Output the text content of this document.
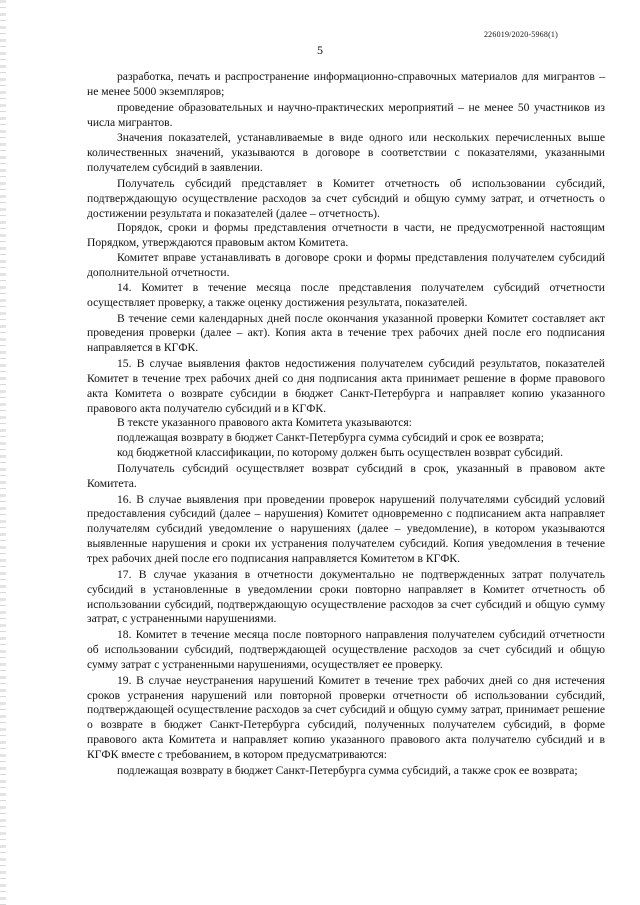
226019/2020-5968(1)
5

разработка, печать и распространение информационно-справочных материалов для мигрантов – не менее 5000 экземпляров;

проведение образовательных и научно-практических мероприятий – не менее 50 участников из числа мигрантов.

Значения показателей, устанавливаемые в виде одного или нескольких перечисленных выше количественных значений, указываются в договоре в соответствии с показателями, указанными получателем субсидий в заявлении.

Получатель субсидий представляет в Комитет отчетность об использовании субсидий, подтверждающую осуществление расходов за счет субсидий и общую сумму затрат, и отчетность о достижении результата и показателей (далее – отчетность).

Порядок, сроки и формы представления отчетности в части, не предусмотренной настоящим Порядком, утверждаются правовым актом Комитета.

Комитет вправе устанавливать в договоре сроки и формы представления получателем субсидий дополнительной отчетности.

14. Комитет в течение месяца после представления получателем субсидий отчетности осуществляет проверку, а также оценку достижения результата, показателей.

В течение семи календарных дней после окончания указанной проверки Комитет составляет акт проведения проверки (далее – акт). Копия акта в течение трех рабочих дней после его подписания направляется в КГФК.

15. В случае выявления фактов недостижения получателем субсидий результатов, показателей Комитет в течение трех рабочих дней со дня подписания акта принимает решение в форме правового акта Комитета о возврате субсидии в бюджет Санкт-Петербурга и направляет копию указанного правового акта получателю субсидий и в КГФК.

В тексте указанного правового акта Комитета указываются:

подлежащая возврату в бюджет Санкт-Петербурга сумма субсидий и срок ее возврата;

код бюджетной классификации, по которому должен быть осуществлен возврат субсидий.

Получатель субсидий осуществляет возврат субсидий в срок, указанный в правовом акте Комитета.

16. В случае выявления при проведении проверок нарушений получателями субсидий условий предоставления субсидий (далее – нарушения) Комитет одновременно с подписанием акта направляет получателям субсидий уведомление о нарушениях (далее – уведомление), в котором указываются выявленные нарушения и сроки их устранения получателем субсидий. Копия уведомления в течение трех рабочих дней после его подписания направляется Комитетом в КГФК.

17. В случае указания в отчетности документально не подтвержденных затрат получатель субсидий в установленные в уведомлении сроки повторно направляет в Комитет отчетность об использовании субсидий, подтверждающую осуществление расходов за счет субсидий и общую сумму затрат, с устраненными нарушениями.

18. Комитет в течение месяца после повторного направления получателем субсидий отчетности об использовании субсидий, подтверждающей осуществление расходов за счет субсидий и общую сумму затрат с устраненными нарушениями, осуществляет ее проверку.

19. В случае неустранения нарушений Комитет в течение трех рабочих дней со дня истечения сроков устранения нарушений или повторной проверки отчетности об использовании субсидий, подтверждающей осуществление расходов за счет субсидий и общую сумму затрат, принимает решение о возврате в бюджет Санкт-Петербурга субсидий, полученных получателем субсидий, в форме правового акта Комитета и направляет копию указанного правового акта получателю субсидий и в КГФК вместе с требованием, в котором предусматриваются:

подлежащая возврату в бюджет Санкт-Петербурга сумма субсидий, а также срок ее возврата;
